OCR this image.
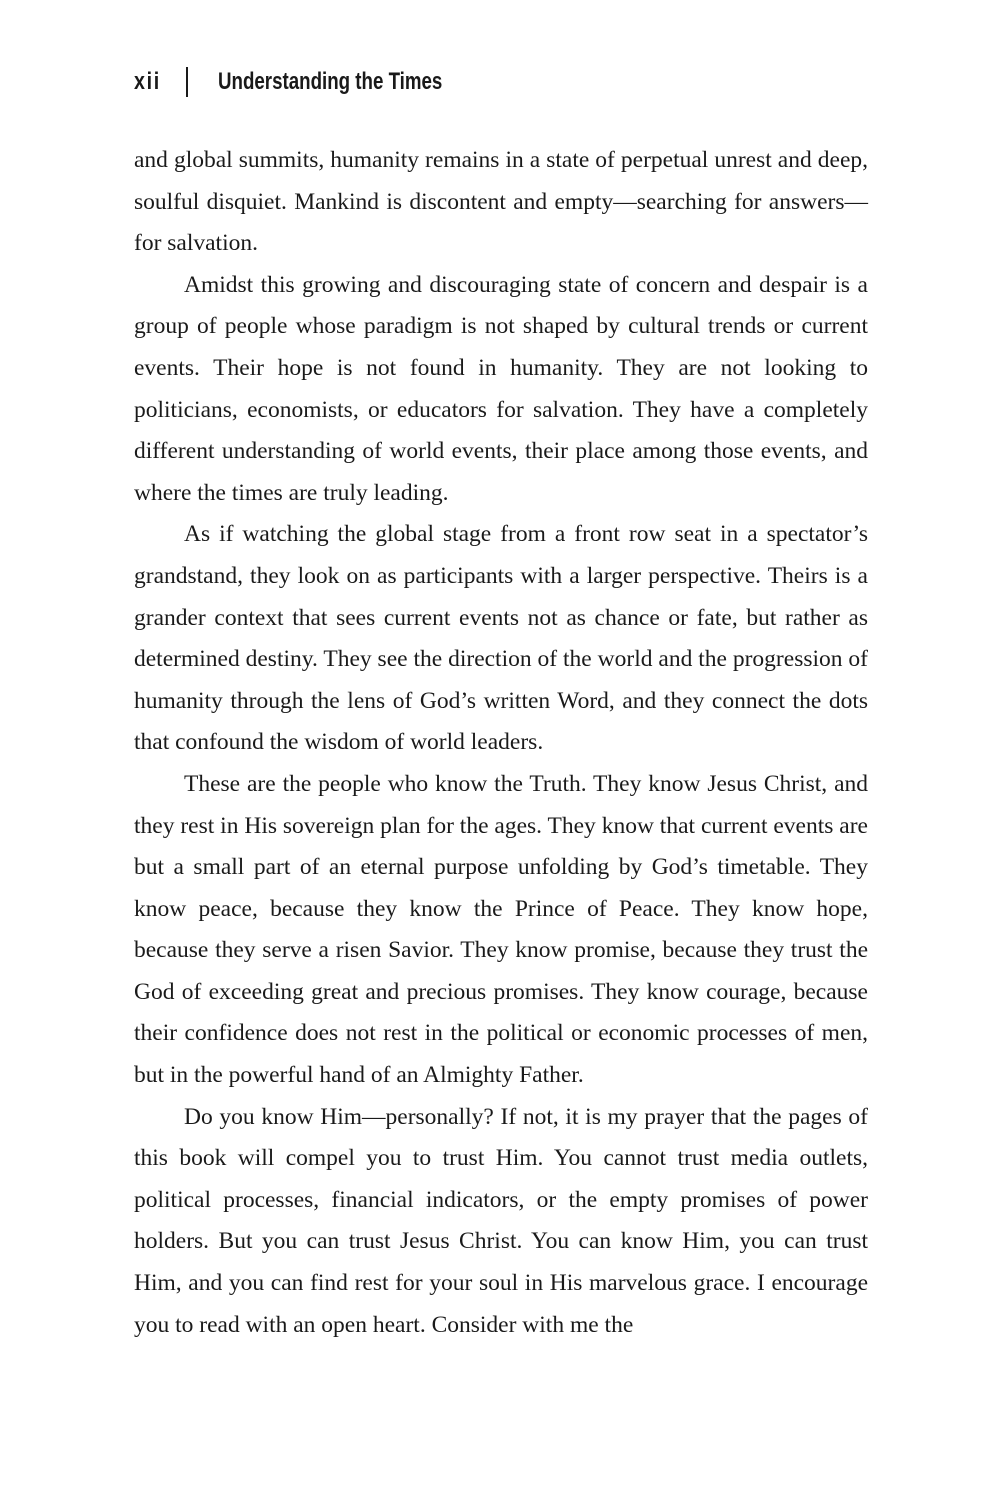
xii Understanding the Times

and global summits, humanity remains in a state of perpetual unrest and deep, soulful disquiet. Mankind is discontent and empty—searching for answers—for salvation.

Amidst this growing and discouraging state of concern and despair is a group of people whose paradigm is not shaped by cultural trends or current events. Their hope is not found in humanity. They are not looking to politicians, economists, or educators for salvation. They have a completely different understanding of world events, their place among those events, and where the times are truly leading.

As if watching the global stage from a front row seat in a spectator’s grandstand, they look on as participants with a larger perspective. Theirs is a grander context that sees current events not as chance or fate, but rather as determined destiny. They see the direction of the world and the progression of humanity through the lens of God’s written Word, and they connect the dots that confound the wisdom of world leaders.

These are the people who know the Truth. They know Jesus Christ, and they rest in His sovereign plan for the ages. They know that current events are but a small part of an eternal purpose unfolding by God’s timetable. They know peace, because they know the Prince of Peace. They know hope, because they serve a risen Savior. They know promise, because they trust the God of exceeding great and precious promises. They know courage, because their confidence does not rest in the political or economic processes of men, but in the powerful hand of an Almighty Father.

Do you know Him—personally? If not, it is my prayer that the pages of this book will compel you to trust Him. You cannot trust media outlets, political processes, financial indicators, or the empty promises of power holders. But you can trust Jesus Christ. You can know Him, you can trust Him, and you can find rest for your soul in His marvelous grace. I encourage you to read with an open heart. Consider with me the
